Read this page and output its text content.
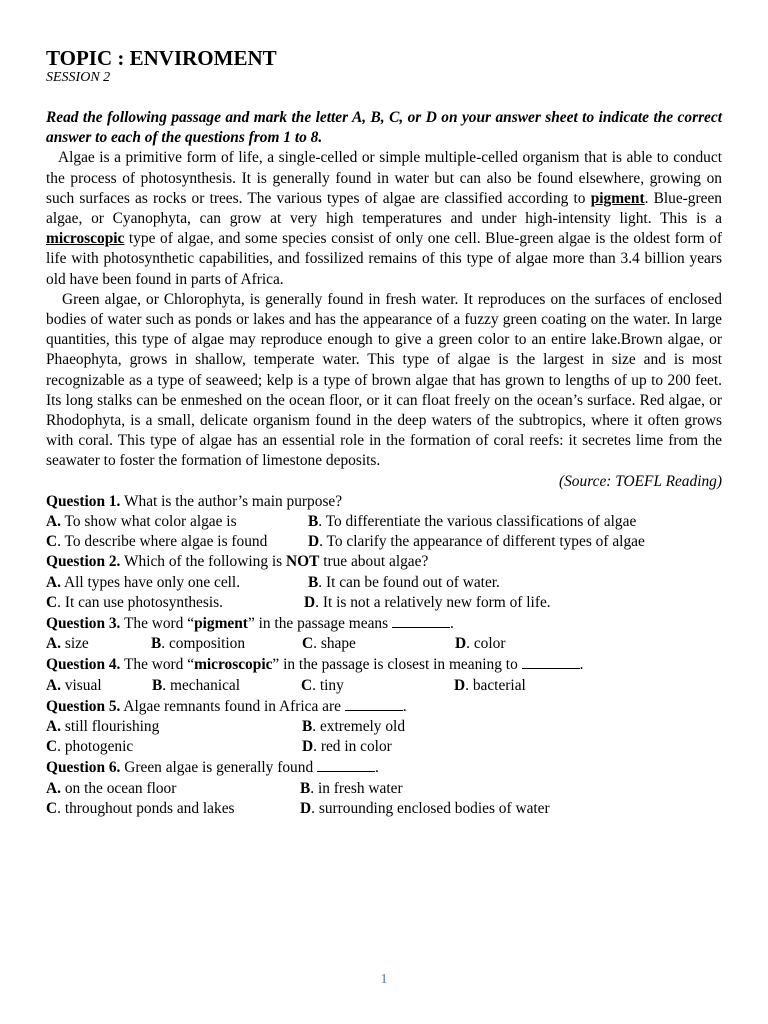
TOPIC : ENVIROMENT

SESSION 2

Read the following passage and mark the letter A, B, C, or D on your answer sheet to indicate the correct answer to each of the questions from 1 to 8.

Algae is a primitive form of life, a single-celled or simple multiple-celled organism that is able to conduct the process of photosynthesis. It is generally found in water but can also be found elsewhere, growing on such surfaces as rocks or trees. The various types of algae are classified according to pigment. Blue-green algae, or Cyanophyta, can grow at very high temperatures and under high-intensity light. This is a microscopic type of algae, and some species consist of only one cell. Blue-green algae is the oldest form of life with photosynthetic capabilities, and fossilized remains of this type of algae more than 3.4 billion years old have been found in parts of Africa.

Green algae, or Chlorophyta, is generally found in fresh water. It reproduces on the surfaces of enclosed bodies of water such as ponds or lakes and has the appearance of a fuzzy green coating on the water. In large quantities, this type of algae may reproduce enough to give a green color to an entire lake.Brown algae, or Phaeophyta, grows in shallow, temperate water. This type of algae is the largest in size and is most recognizable as a type of seaweed; kelp is a type of brown algae that has grown to lengths of up to 200 feet. Its long stalks can be enmeshed on the ocean floor, or it can float freely on the ocean’s surface. Red algae, or Rhodophyta, is a small, delicate organism found in the deep waters of the subtropics, where it often grows with coral. This type of algae has an essential role in the formation of coral reefs: it secretes lime from the seawater to foster the formation of limestone deposits.

(Source: TOEFL Reading)

Question 1. What is the author’s main purpose?

A. To show what color algae is	B. To differentiate the various classifications of algae
C. To describe where algae is found	D. To clarify the appearance of different types of algae

Question 2. Which of the following is NOT true about algae?

A. All types have only one cell.	B. It can be found out of water.
C. It can use photosynthesis.	D. It is not a relatively new form of life.

Question 3. The word “pigment” in the passage means	.

A. size	B. composition	C. shape	D. color

Question 4. The word “microscopic” in the passage is closest in meaning to	.

A. visual	B. mechanical	C. tiny	D. bacterial

Question 5. Algae remnants found in Africa are	.

A. still flourishing	B. extremely old
C. photogenic	D. red in color

Question 6. Green algae is generally found	.

A. on the ocean floor	B. in fresh water
C. throughout ponds and lakes	D. surrounding enclosed bodies of water
1
